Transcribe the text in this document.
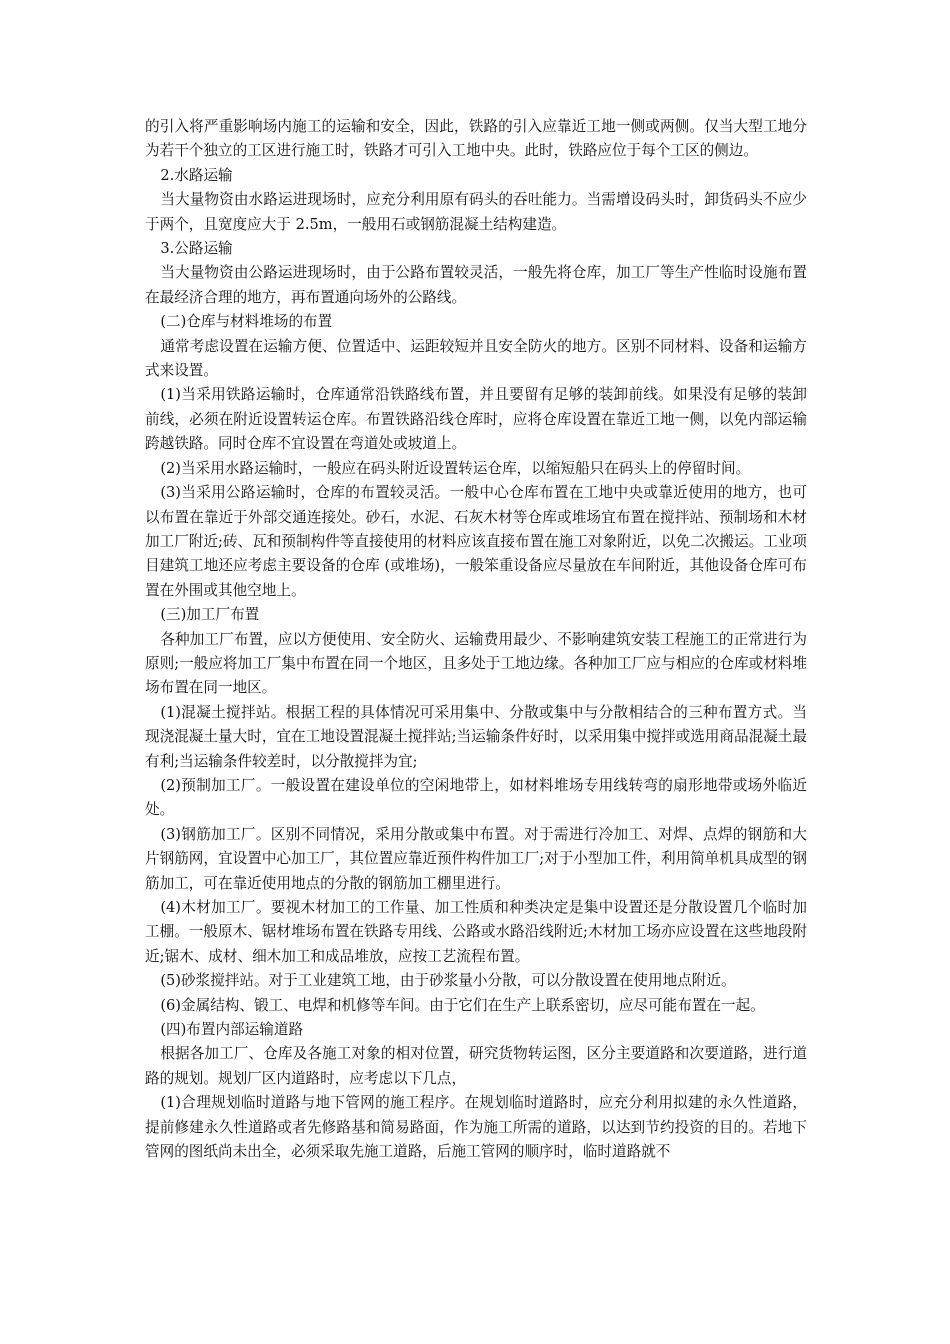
的引入将严重影响场内施工的运输和安全，因此，铁路的引入应靠近工地一侧或两侧。仅当大型工地分为若干个独立的工区进行施工时，铁路才可引入工地中央。此时，铁路应位于每个工区的侧边。

2.水路运输

当大量物资由水路运进现场时，应充分利用原有码头的吞吐能力。当需增设码头时，卸货码头不应少于两个，且宽度应大于 2.5m，一般用石或钢筋混凝土结构建造。

3.公路运输

当大量物资由公路运进现场时，由于公路布置较灵活，一般先将仓库，加工厂等生产性临时设施布置在最经济合理的地方，再布置通向场外的公路线。

(二)仓库与材料堆场的布置

通常考虑设置在运输方便、位置适中、运距较短并且安全防火的地方。区别不同材料、设备和运输方式来设置。

(1)当采用铁路运输时，仓库通常沿铁路线布置，并且要留有足够的装卸前线。如果没有足够的装卸前线，必须在附近设置转运仓库。布置铁路沿线仓库时，应将仓库设置在靠近工地一侧，以免内部运输跨越铁路。同时仓库不宜设置在弯道处或坡道上。

(2)当采用水路运输时，一般应在码头附近设置转运仓库，以缩短船只在码头上的停留时间。

(3)当采用公路运输时，仓库的布置较灵活。一般中心仓库布置在工地中央或靠近使用的地方，也可以布置在靠近于外部交通连接处。砂石，水泥、石灰木材等仓库或堆场宜布置在搅拌站、预制场和木材加工厂附近;砖、瓦和预制构件等直接使用的材料应该直接布置在施工对象附近，以免二次搬运。工业项目建筑工地还应考虑主要设备的仓库 (或堆场)，一般笨重设备应尽量放在车间附近，其他设备仓库可布置在外围或其他空地上。

(三)加工厂布置

各种加工厂布置，应以方便使用、安全防火、运输费用最少、不影响建筑安装工程施工的正常进行为原则;一般应将加工厂集中布置在同一个地区，且多处于工地边缘。各种加工厂应与相应的仓库或材料堆场布置在同一地区。

(1)混凝土搅拌站。根据工程的具体情况可采用集中、分散或集中与分散相结合的三种布置方式。当现浇混凝土量大时，宜在工地设置混凝土搅拌站;当运输条件好时，以采用集中搅拌或选用商品混凝土最有利;当运输条件较差时，以分散搅拌为宜;

(2)预制加工厂。一般设置在建设单位的空闲地带上，如材料堆场专用线转弯的扇形地带或场外临近处。

(3)钢筋加工厂。区别不同情况，采用分散或集中布置。对于需进行冷加工、对焊、点焊的钢筋和大片钢筋网，宜设置中心加工厂，其位置应靠近预件构件加工厂;对于小型加工件，利用简单机具成型的钢筋加工，可在靠近使用地点的分散的钢筋加工棚里进行。

(4)木材加工厂。要视木材加工的工作量、加工性质和种类决定是集中设置还是分散设置几个临时加工棚。一般原木、锯材堆场布置在铁路专用线、公路或水路沿线附近;木材加工场亦应设置在这些地段附近;锯木、成材、细木加工和成品堆放，应按工艺流程布置。

(5)砂浆搅拌站。对于工业建筑工地，由于砂浆量小分散，可以分散设置在使用地点附近。

(6)金属结构、锻工、电焊和机修等车间。由于它们在生产上联系密切，应尽可能布置在一起。

(四)布置内部运输道路

根据各加工厂、仓库及各施工对象的相对位置，研究货物转运图，区分主要道路和次要道路，进行道路的规划。规划厂区内道路时，应考虑以下几点，

(1)合理规划临时道路与地下管网的施工程序。在规划临时道路时，应充分利用拟建的永久性道路，提前修建永久性道路或者先修路基和简易路面，作为施工所需的道路，以达到节约投资的目的。若地下管网的图纸尚未出全，必须采取先施工道路，后施工管网的顺序时，临时道路就不
